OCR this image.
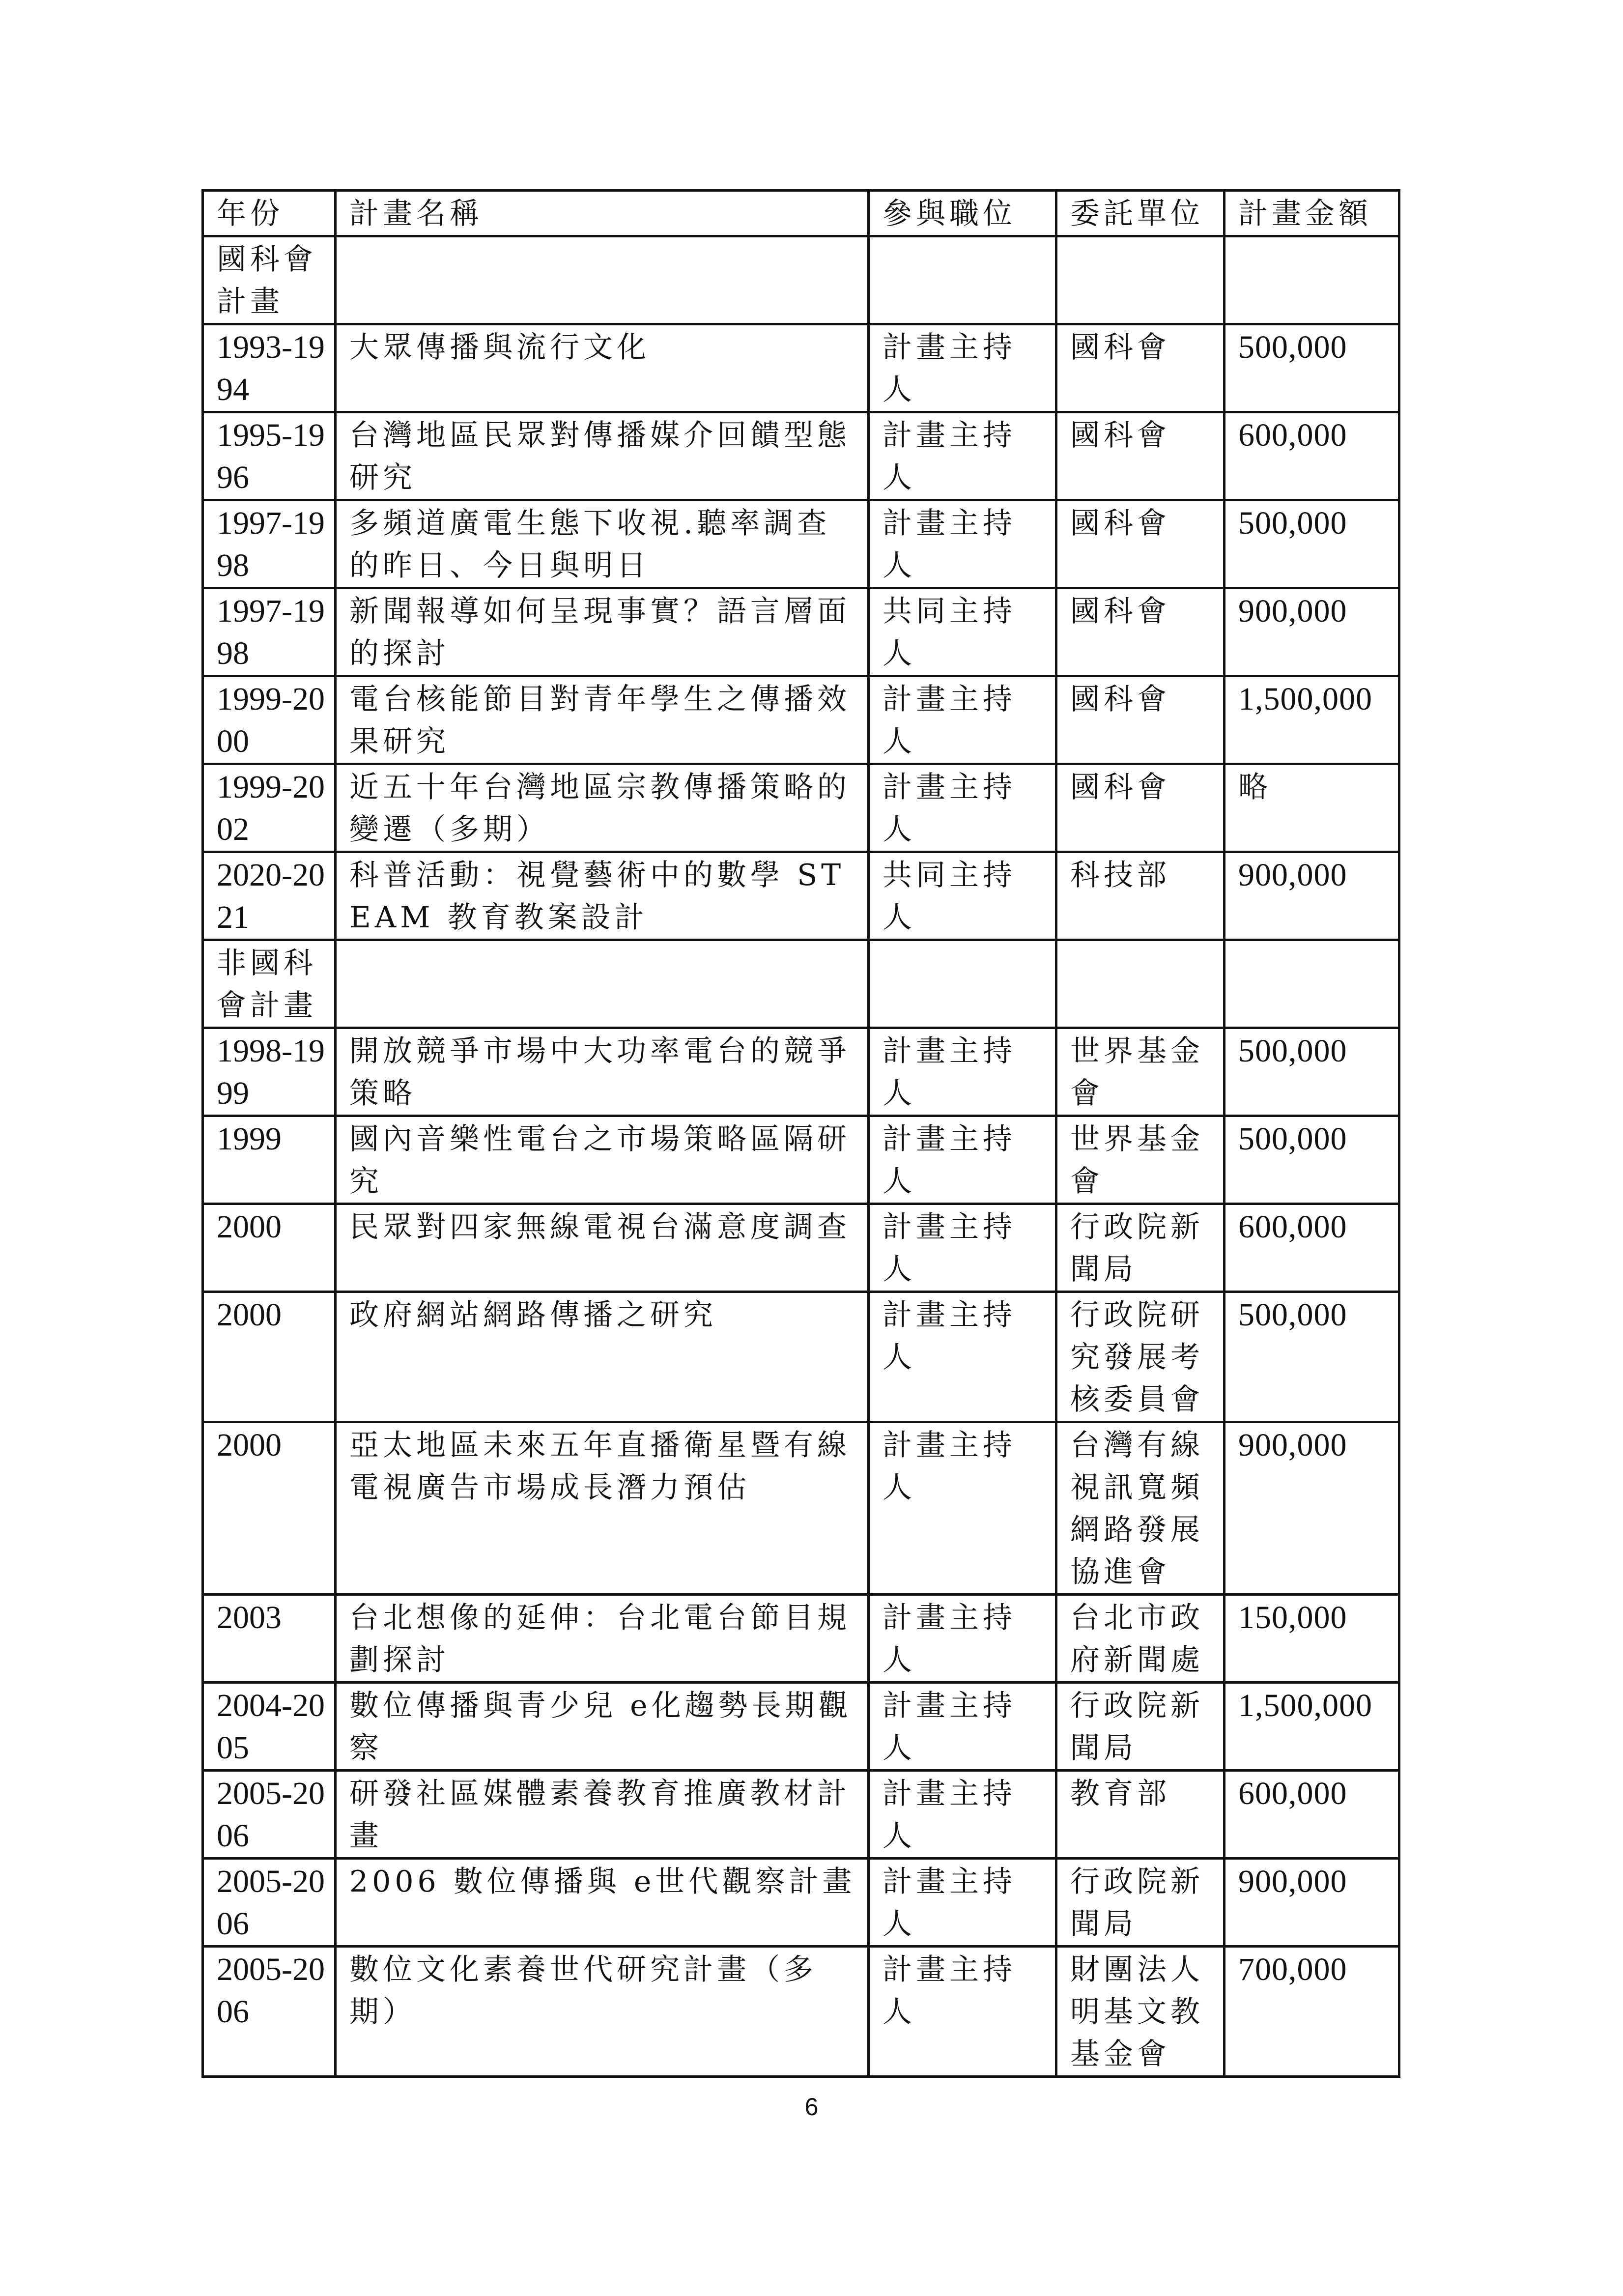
年份	計畫名稱	參與職位	委託單位	計畫金額
國科會計畫				
1993-1994	大眾傳播與流行文化	計畫主持人	國科會	500,000
1995-1996	台灣地區民眾對傳播媒介回饋型態研究	計畫主持人	國科會	600,000
1997-1998	多頻道廣電生態下收視.聽率調查的昨日、今日與明日	計畫主持人	國科會	500,000
1997-1998	新聞報導如何呈現事實？語言層面的探討	共同主持人	國科會	900,000
1999-2000	電台核能節目對青年學生之傳播效果研究	計畫主持人	國科會	1,500,000
1999-2002	近五十年台灣地區宗教傳播策略的變遷（多期）	計畫主持人	國科會	略
2020-2021	科普活動：視覺藝術中的數學 STEAM 教育教案設計	共同主持人	科技部	900,000
非國科會計畫				
1998-1999	開放競爭市場中大功率電台的競爭策略	計畫主持人	世界基金會	500,000
1999	國內音樂性電台之市場策略區隔研究	計畫主持人	世界基金會	500,000
2000	民眾對四家無線電視台滿意度調查	計畫主持人	行政院新聞局	600,000
2000	政府網站網路傳播之研究	計畫主持人	行政院研究發展考核委員會	500,000
2000	亞太地區未來五年直播衛星暨有線電視廣告市場成長潛力預估	計畫主持人	台灣有線視訊寬頻網路發展協進會	900,000
2003	台北想像的延伸：台北電台節目規劃探討	計畫主持人	台北市政府新聞處	150,000
2004-2005	數位傳播與青少兒 e化趨勢長期觀察	計畫主持人	行政院新聞局	1,500,000
2005-2006	研發社區媒體素養教育推廣教材計畫	計畫主持人	教育部	600,000
2005-2006	2006 數位傳播與 e世代觀察計畫	計畫主持人	行政院新聞局	900,000
2005-2006	數位文化素養世代研究計畫（多期）	計畫主持人	財團法人明基文教基金會	700,000
6
